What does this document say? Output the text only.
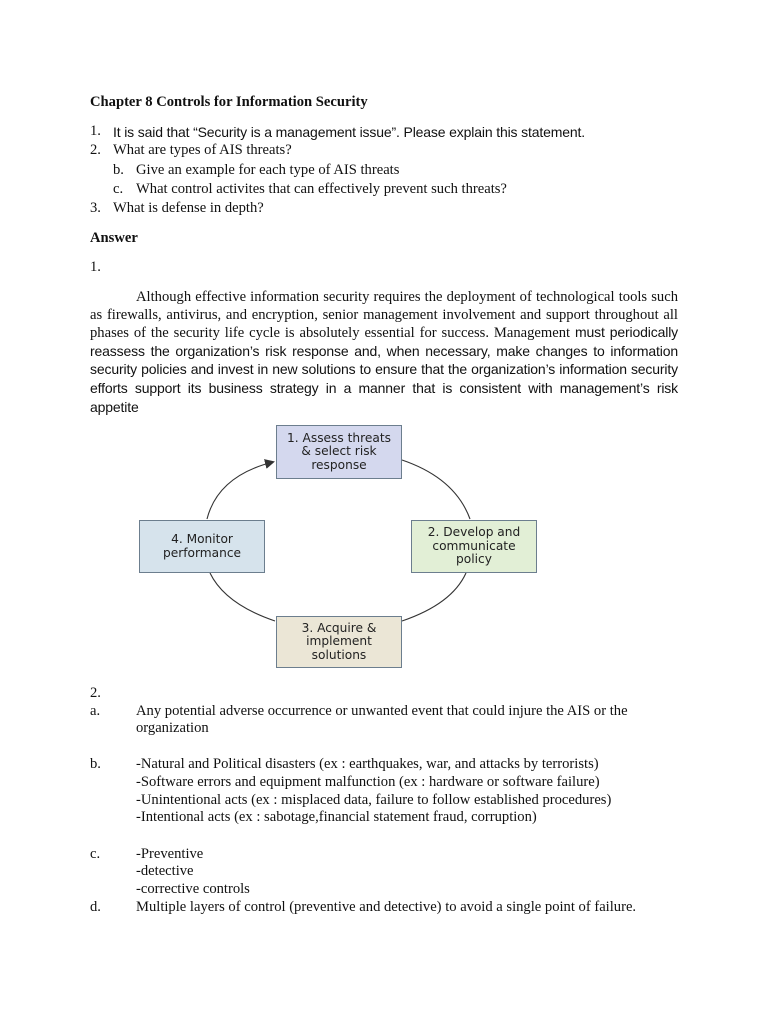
Chapter 8 Controls for Information Security
1. It is said that “Security is a management issue”. Please explain this statement.
2. What are types of AIS threats?
b. Give an example for each type of AIS threats
c. What control activites that can effectively prevent such threats?
3. What is defense in depth?
Answer
1.
Although effective information security requires the deployment of technological tools such as firewalls, antivirus, and encryption, senior management involvement and support throughout all phases of the security life cycle is absolutely essential for success. Management must periodically reassess the organization’s risk response and, when necessary, make changes to information security policies and invest in new solutions to ensure that the organization’s information security efforts support its business strategy in a manner that is consistent with management’s risk appetite
1. Assess threats
& select risk
response
2. Develop and
communicate
policy
3. Acquire &
implement
solutions
4. Monitor
performance
2.
a. Any potential adverse occurrence or unwanted event that could injure the AIS or the
organization
b. -Natural and Political disasters (ex : earthquakes, war, and attacks by terrorists)
-Software errors and equipment malfunction (ex : hardware or software failure)
-Unintentional acts (ex : misplaced data, failure to follow established procedures)
-Intentional acts (ex : sabotage,financial statement fraud, corruption)
c. -Preventive
-detective
-corrective controls
d. Multiple layers of control (preventive and detective) to avoid a single point of failure.
